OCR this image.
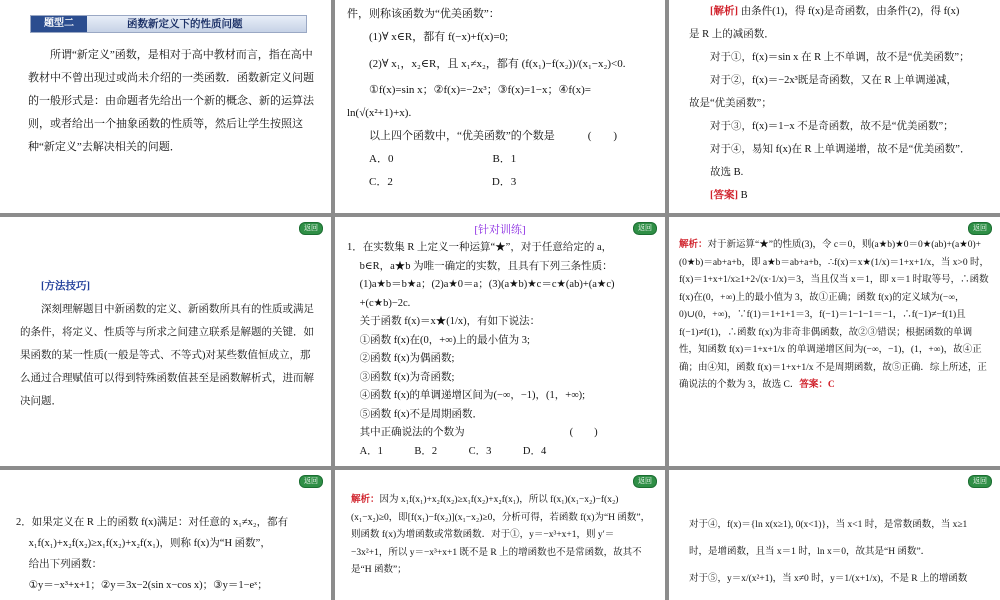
题型二	函数新定义下的性质问题

所谓“新定义”函数，是相对于高中教材而言，指在高中教材中不曾出现过或尚未介绍的一类函数．函数新定义问题的一般形式是：由命题者先给出一个新的概念、新的运算法则，或者给出一个抽象函数的性质等，然后让学生按照这种“新定义”去解决相关的问题．

件，则称该函数为“优美函数”：

(1)∀ x∈R，都有 f(−x)+f(x)=0;

(2)∀ x₁，x₂∈R，且 x₁≠x₂，都有 (f(x₁)−f(x₂))/(x₁−x₂)<0.

①f(x)=sin x；②f(x)=−2x³；③f(x)=1−x；④f(x)=

ln(√(x²+1)+x).

以上四个函数中，“优美函数”的个数是　　　(　　)

A．0　　　　　　　　　B．1

C．2　　　　　　　　　D．3

[解析] 由条件(1)，得 f(x)是奇函数，由条件(2)，得 f(x)

是 R 上的减函数．

对于①，f(x)＝sin x 在 R 上不单调，故不是“优美函数”；

对于②，f(x)＝−2x³既是奇函数，又在 R 上单调递减，

故是“优美函数”；

对于③，f(x)＝1−x 不是奇函数，故不是“优美函数”；

对于④，易知 f(x)在 R 上单调递增，故不是“优美函数”．

故选 B.

[答案] B

返回

[方法技巧]

深刻理解题目中新函数的定义、新函数所具有的性质或满足的条件，将定义、性质等与所求之间建立联系是解题的关键．如果函数的某一性质(一般是等式、不等式)对某些数值恒成立，那么通过合理赋值可以得到特殊函数值甚至是函数解析式，进而解决问题．

返回
[针对训练]

1．在实数集 R 上定义一种运算“★”，对于任意给定的 a，

b∈R，a★b 为唯一确定的实数，且具有下列三条性质：

(1)a★b＝b★a；(2)a★0＝a；(3)(a★b)★c＝c★(ab)+(a★c)

+(c★b)−2c.

关于函数 f(x)＝x★(1/x)，有如下说法：

①函数 f(x)在(0，+∞)上的最小值为 3;

②函数 f(x)为偶函数;

③函数 f(x)为奇函数;

④函数 f(x)的单调递增区间为(−∞，−1)，(1，+∞);

⑤函数 f(x)不是周期函数．

其中正确说法的个数为　　　　　　　　　　(　　)

A．1　　　B．2　　　C．3　　　D．4

返回

解析：对于新运算“★”的性质(3)，令 c＝0，则(a★b)★0＝0★(ab)+(a★0)+(0★b)＝ab+a+b，即 a★b＝ab+a+b，∴f(x)＝x★(1/x)＝1+x+1/x，当 x>0 时，f(x)＝1+x+1/x≥1+2√(x·1/x)＝3，当且仅当 x＝1，即 x＝1 时取等号，∴函数 f(x)在(0，+∞)上的最小值为 3，故①正确；函数 f(x)的定义域为(−∞，0)∪(0，+∞)，∵f(1)＝1+1+1＝3，f(−1)＝1−1−1＝−1，∴f(−1)≠−f(1)且 f(−1)≠f(1)，∴函数 f(x)为非奇非偶函数，故②③错误；根据函数的单调性，知函数 f(x)＝1+x+1/x 的单调递增区间为(−∞，−1)，(1，+∞)，故④正确；由④知，函数 f(x)＝1+x+1/x 不是周期函数，故⑤正确．综上所述，正确说法的个数为 3，故选 C．答案：C

返回

2．如果定义在 R 上的函数 f(x)满足：对任意的 x₁≠x₂，都有

x₁f(x₁)+x₂f(x₂)≥x₁f(x₂)+x₂f(x₁)，则称 f(x)为“H 函数”，

给出下列函数：

①y＝−x³+x+1；②y＝3x−2(sin x−cos x)；③y＝1−eˣ；

返回

解析：因为 x₁f(x₁)+x₂f(x₂)≥x₁f(x₂)+x₂f(x₁)，所以 f(x₁)(x₁−x₂)−f(x₂)(x₁−x₂)≥0，即[f(x₁)−f(x₂)](x₁−x₂)≥0，分析可得，若函数 f(x)为“H 函数”，则函数 f(x)为增函数或常数函数．对于①，y＝−x³+x+1，则 y′＝−3x²+1，所以 y＝−x³+x+1 既不是 R 上的增函数也不是常函数，故其不是“H 函数”；

返回

对于④，f(x)＝{ln x(x≥1), 0(x<1)}，当 x<1 时，是常数函数，当 x≥1

时，是增函数，且当 x＝1 时，ln x＝0，故其是“H 函数”．

对于⑤，y＝x/(x²+1)，当 x≠0 时，y＝1/(x+1/x)，不是 R 上的增函数
